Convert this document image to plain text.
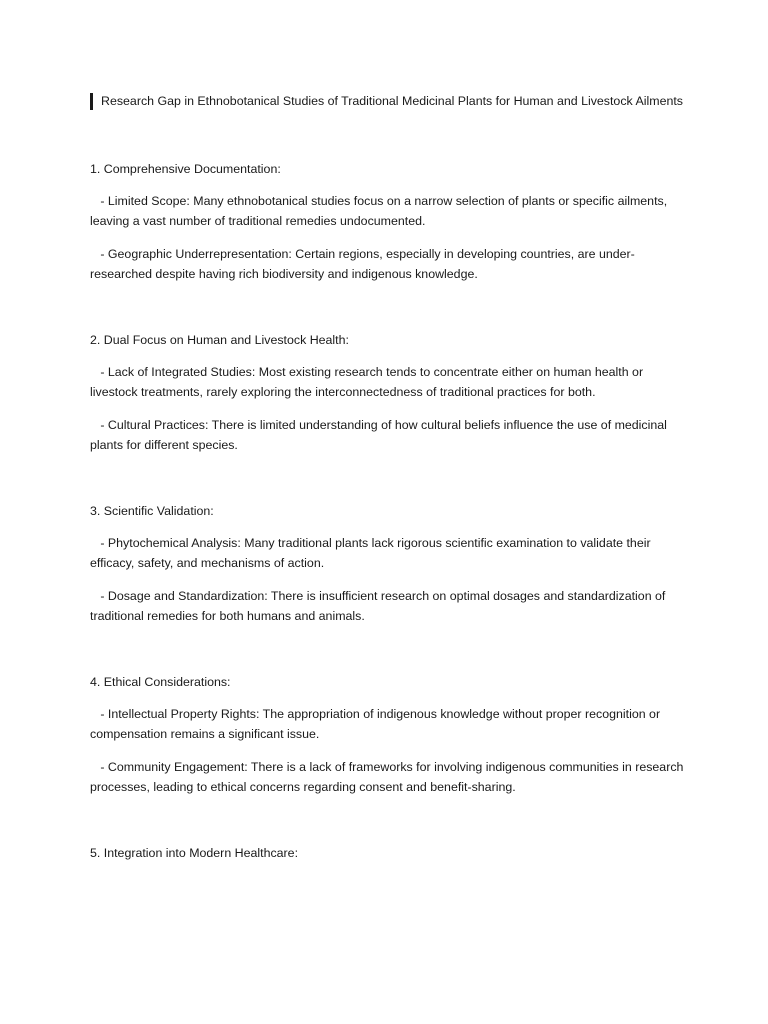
Research Gap in Ethnobotanical Studies of Traditional Medicinal Plants for Human and Livestock Ailments
1. Comprehensive Documentation:

- Limited Scope: Many ethnobotanical studies focus on a narrow selection of plants or specific ailments, leaving a vast number of traditional remedies undocumented.

- Geographic Underrepresentation: Certain regions, especially in developing countries, are under-researched despite having rich biodiversity and indigenous knowledge.

2. Dual Focus on Human and Livestock Health:

- Lack of Integrated Studies: Most existing research tends to concentrate either on human health or livestock treatments, rarely exploring the interconnectedness of traditional practices for both.

- Cultural Practices: There is limited understanding of how cultural beliefs influence the use of medicinal plants for different species.

3. Scientific Validation:

- Phytochemical Analysis: Many traditional plants lack rigorous scientific examination to validate their efficacy, safety, and mechanisms of action.

- Dosage and Standardization: There is insufficient research on optimal dosages and standardization of traditional remedies for both humans and animals.

4. Ethical Considerations:

- Intellectual Property Rights: The appropriation of indigenous knowledge without proper recognition or compensation remains a significant issue.

- Community Engagement: There is a lack of frameworks for involving indigenous communities in research processes, leading to ethical concerns regarding consent and benefit-sharing.

5. Integration into Modern Healthcare:
